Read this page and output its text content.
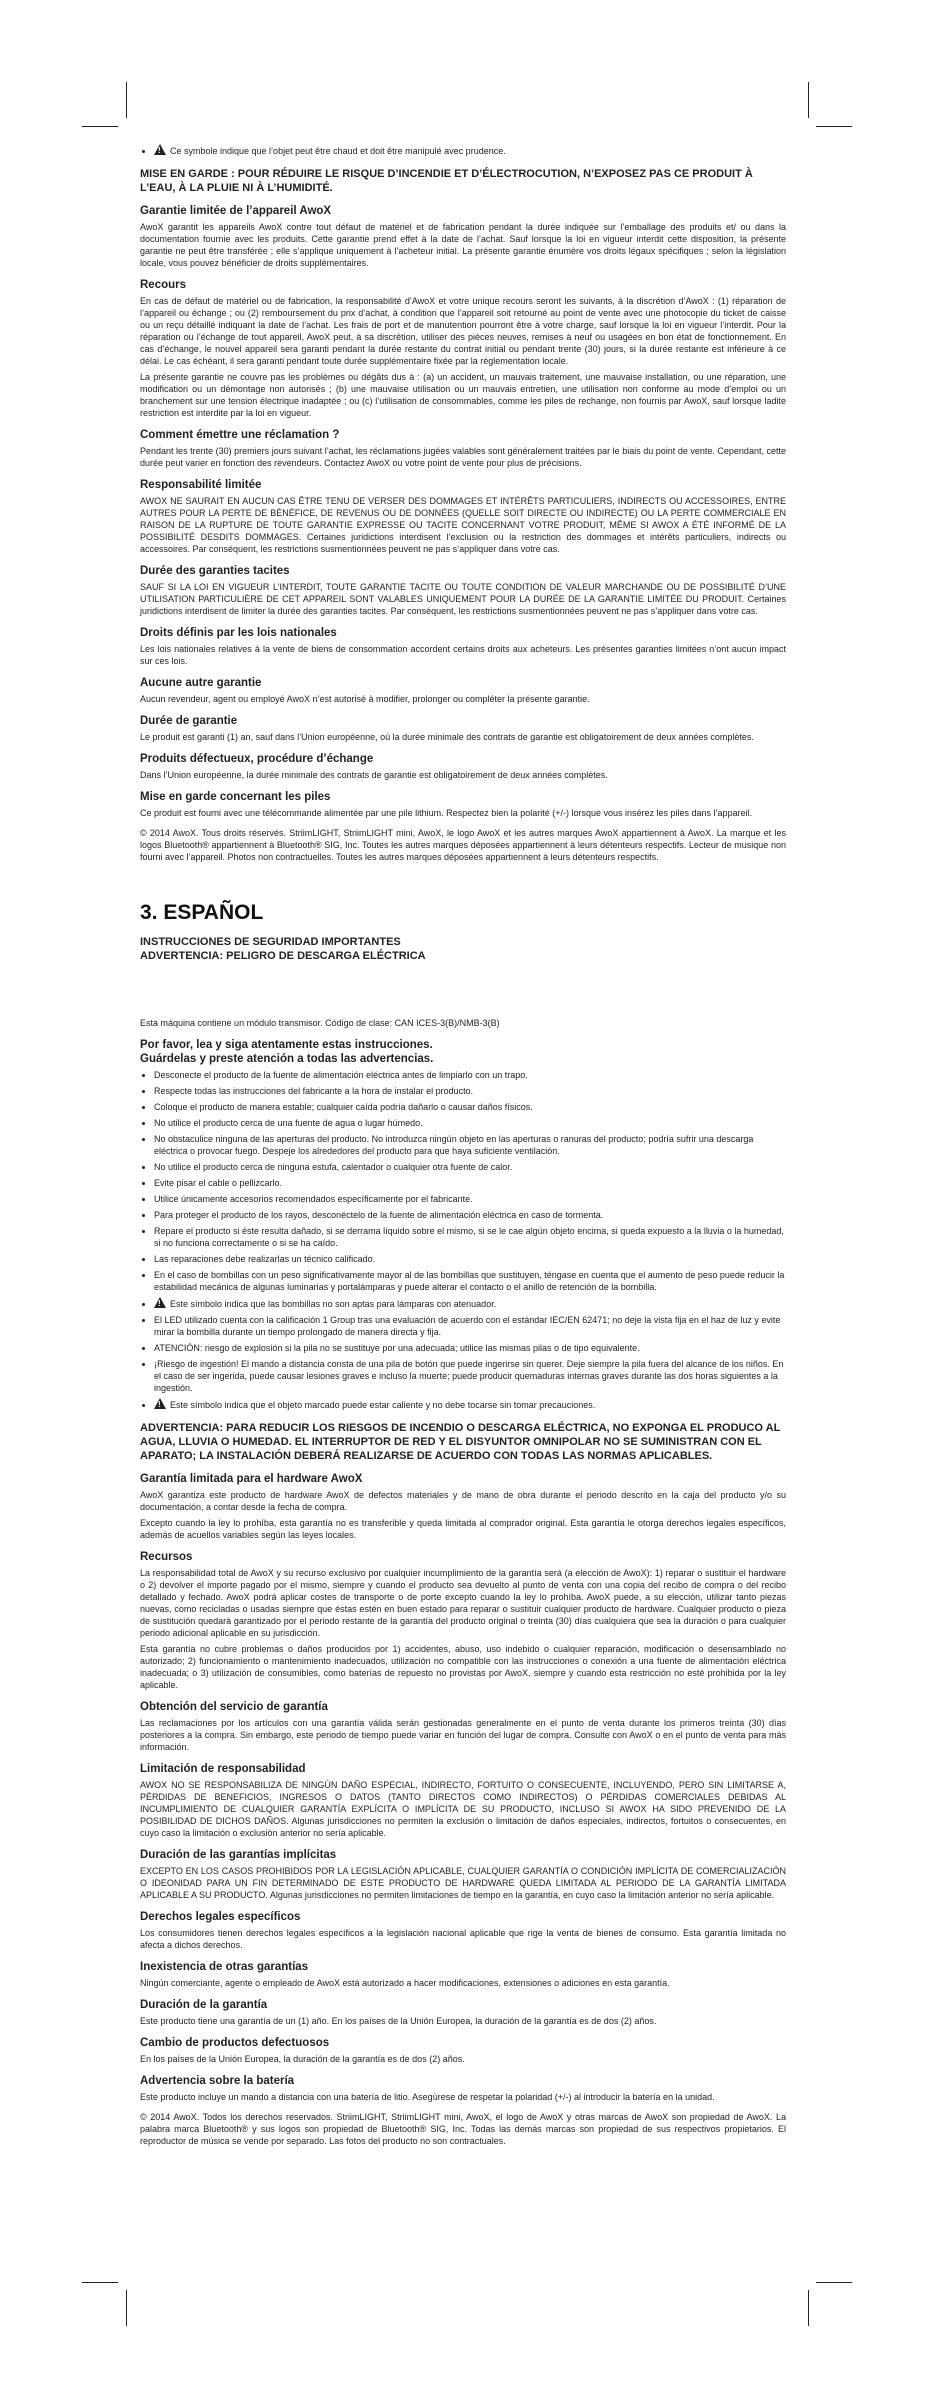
!• Ce symbole indique que l’objet peut être chaud et doit être manipulé avec prudence.
MISE EN GARDE : POUR RÉDUIRE LE RISQUE D’INCENDIE ET D’ÉLECTROCUTION, N’EXPOSEZ PAS CE PRODUIT À L’EAU, À LA PLUIE NI À L’HUMIDITÉ.
Garantie limitée de l’appareil AwoX

AwoX garantit les appareils AwoX contre tout défaut de matériel et de fabrication pendant la durée indiquée sur l’emballage des produits et/ ou dans la documentation fournie avec les produits. Cette garantie prend effet à la date de l’achat. Sauf lorsque la loi en vigueur interdit cette disposition, la présente garantie ne peut être transférée ; elle s’applique uniquement à l’acheteur initial. La présente garantie énumère vos droits légaux spécifiques ; selon la législation locale, vous pouvez bénéficier de droits supplémentaires.

Recours

En cas de défaut de matériel ou de fabrication, la responsabilité d’AwoX et votre unique recours seront les suivants, à la discrétion d’AwoX : (1) réparation de l’appareil ou échange ; ou (2) remboursement du prix d’achat, à condition que l’appareil soit retourné au point de vente avec une photocopie du ticket de caisse ou un reçu détaillé indiquant la date de l’achat. Les frais de port et de manutention pourront être à votre charge, sauf lorsque la loi en vigueur l’interdit. Pour la réparation ou l’échange de tout appareil, AwoX peut, à sa discrétion, utiliser des pièces neuves, remises à neuf ou usagées en bon état de fonctionnement. En cas d’échange, le nouvel appareil sera garanti pendant la durée restante du contrat initial ou pendant trente (30) jours, si la durée restante est inférieure à ce délai. Le cas échéant, il sera garanti pendant toute durée supplémentaire fixée par la réglementation locale.

La présente garantie ne couvre pas les problèmes ou dégâts dus à : (a) un accident, un mauvais traitement, une mauvaise installation, ou une réparation, une modification ou un démontage non autorisés ; (b) une mauvaise utilisation ou un mauvais entretien, une utilisation non conforme au mode d’emploi ou un branchement sur une tension électrique inadaptée ; ou (c) l’utilisation de consommables, comme les piles de rechange, non fournis par AwoX, sauf lorsque ladite restriction est interdite par la loi en vigueur.

Comment émettre une réclamation ?

Pendant les trente (30) premiers jours suivant l’achat, les réclamations jugées valables sont généralement traitées par le biais du point de vente. Cependant, cette durée peut varier en fonction des revendeurs. Contactez AwoX ou votre point de vente pour plus de précisions.

Responsabilité limitée

AWOX NE SAURAIT EN AUCUN CAS ÊTRE TENU DE VERSER DES DOMMAGES ET INTÉRÊTS PARTICULIERS, INDIRECTS OU ACCESSOIRES, ENTRE AUTRES POUR LA PERTE DE BÉNÉFICE, DE REVENUS OU DE DONNÉES (QUELLE SOIT DIRECTE OU INDIRECTE) OU LA PERTE COMMERCIALE EN RAISON DE LA RUPTURE DE TOUTE GARANTIE EXPRESSE OU TACITE CONCERNANT VOTRE PRODUIT, MÊME SI AWOX A ÉTÉ INFORMÉ DE LA POSSIBILITÉ DESDITS DOMMAGES. Certaines juridictions interdisent l’exclusion ou la restriction des dommages et intérêts particuliers, indirects ou accessoires. Par conséquent, les restrictions susmentionnées peuvent ne pas s’appliquer dans votre cas.

Durée des garanties tacites

SAUF SI LA LOI EN VIGUEUR L’INTERDIT, TOUTE GARANTIE TACITE OU TOUTE CONDITION DE VALEUR MARCHANDE OU DE POSSIBILITÉ D’UNE UTILISATION PARTICULIÈRE DE CET APPAREIL SONT VALABLES UNIQUEMENT POUR LA DURÉE DE LA GARANTIE LIMITÉE DU PRODUIT. Certaines juridictions interdisent de limiter la durée des garanties tacites. Par conséquent, les restrictions susmentionnées peuvent ne pas s’appliquer dans votre cas.

Droits définis par les lois nationales

Les lois nationales relatives à la vente de biens de consommation accordent certains droits aux acheteurs. Les présentes garanties limitées n’ont aucun impact sur ces lois.

Aucune autre garantie

Aucun revendeur, agent ou employé AwoX n’est autorisé à modifier, prolonger ou compléter la présente garantie.

Durée de garantie

Le produit est garanti (1) an, sauf dans l’Union européenne, où la durée minimale des contrats de garantie est obligatoirement de deux années complètes.

Produits défectueux, procédure d’échange

Dans l’Union européenne, la durée minimale des contrats de garantie est obligatoirement de deux années complètes.

Mise en garde concernant les piles

Ce produit est fourni avec une télécommande alimentée par une pile lithium. Respectez bien la polarité (+/-) lorsque vous insérez les piles dans l’appareil.

© 2014 AwoX. Tous droits réservés. StriimLIGHT, StriimLIGHT mini, AwoX, le logo AwoX et les autres marques AwoX appartiennent à AwoX. La marque et les logos Bluetooth® appartiennent à Bluetooth® SIG, Inc. Toutes les autres marques déposées appartiennent à leurs détenteurs respectifs. Lecteur de musique non fourni avec l’appareil. Photos non contractuelles. Toutes les autres marques déposées appartiennent à leurs détenteurs respectifs.

3. ESPAÑOL
INSTRUCCIONES DE SEGURIDAD IMPORTANTES
ADVERTENCIA: PELIGRO DE DESCARGA ELÉCTRICA

Esta máquina contiene un módulo transmisor. Código de clase: CAN ICES-3(B)/NMB-3(B)

Por favor, lea y siga atentamente estas instrucciones.
Guárdelas y preste atención a todas las advertencias.
• Desconecte el producto de la fuente de alimentación eléctrica antes de limpiarlo con un trapo.
• Respecte todas las instrucciones del fabricante a la hora de instalar el producto.
• Coloque el producto de manera estable; cualquier caída podría dañarlo o causar daños físicos.
• No utilice el producto cerca de una fuente de agua o lugar húmedo.
• No obstaculice ninguna de las aperturas del producto. No introduzca ningún objeto en las aperturas o ranuras del producto; podría sufrir una descarga eléctrica o provocar fuego. Despeje los alrededores del producto para que haya suficiente ventilación.
• No utilice el producto cerca de ninguna estufa, calentador o cualquier otra fuente de calor.
• Evite pisar el cable o pellizcarlo.
• Utilice únicamente accesorios recomendados específicamente por el fabricante.
• Para proteger el producto de los rayos, desconéctelo de la fuente de alimentación eléctrica en caso de tormenta.
• Repare el producto si éste resulta dañado, si se derrama líquido sobre el mismo, si se le cae algún objeto encima, si queda expuesto a la lluvia o la humedad, si no funciona correctamente o si se ha caído.
• Las reparaciones debe realizarlas un técnico calificado.
• En el caso de bombillas con un peso significativamente mayor al de las bombillas que sustituyen, téngase en cuenta que el aumento de peso puede reducir la estabilidad mecánica de algunas luminarias y portalámparas y puede alterar el contacto o el anillo de retención de la bombilla.
!• Este símbolo indica que las bombillas no son aptas para lámparas con atenuador.
• El LED utilizado cuenta con la calificación 1 Group tras una evaluación de acuerdo con el estándar IEC/EN 62471; no deje la vista fija en el haz de luz y evite mirar la bombilla durante un tiempo prolongado de manera directa y fija.
• ATENCIÓN: riesgo de explosión si la pila no se sustituye por una adecuada; utilice las mismas pilas o de tipo equivalente.
• ¡Riesgo de ingestión! El mando a distancia consta de una pila de botón que puede ingerirse sin querer. Deje siempre la pila fuera del alcance de los niños. En el caso de ser ingerida, puede causar lesiones graves e incluso la muerte; puede producir quemaduras internas graves durante las dos horas siguientes a la ingestión.
!• Este símbolo indica que el objeto marcado puede estar caliente y no debe tocarse sin tomar precauciones.
ADVERTENCIA: PARA REDUCIR LOS RIESGOS DE INCENDIO O DESCARGA ELÉCTRICA, NO EXPONGA EL PRODUCO AL AGUA, LLUVIA O HUMEDAD. EL INTERRUPTOR DE RED Y EL DISYUNTOR OMNIPOLAR NO SE SUMINISTRAN CON EL APARATO; LA INSTALACIÓN DEBERÁ REALIZARSE DE ACUERDO CON TODAS LAS NORMAS APLICABLES.
Garantía limitada para el hardware AwoX

AwoX garantiza este producto de hardware AwoX de defectos materiales y de mano de obra durante el periodo descrito en la caja del producto y/o su documentación, a contar desde la fecha de compra.

Excepto cuando la ley lo prohíba, esta garantía no es transferible y queda limitada al comprador original. Esta garantía le otorga derechos legales específicos, además de acuellos variables según las leyes locales.

Recursos

La responsabilidad total de AwoX y su recurso exclusivo por cualquier incumplimiento de la garantía será (a elección de AwoX): 1) reparar o sustituir el hardware o 2) devolver el importe pagado por el mismo, siempre y cuando el producto sea devuelto al punto de venta con una copia del recibo de compra o del recibo detallado y fechado. AwoX podrá aplicar costes de transporte o de porte excepto cuando la ley lo prohíba. AwoX puede, a su elección, utilizar tanto piezas nuevas, como recicladas o usadas siempre que éstas estén en buen estado para reparar o sustituir cualquier producto de hardware. Cualquier producto o pieza de sustitución quedará garantizado por el periodo restante de la garantía del producto original o treinta (30) días cualquiera que sea la duración o para cualquier periodo adicional aplicable en su jurisdicción.

Esta garantía no cubre problemas o daños producidos por 1) accidentes, abuso, uso indebido o cualquier reparación, modificación o desensamblado no autorizado; 2) funcionamiento o mantenimiento inadecuados, utilización no compatible con las instrucciones o conexión a una fuente de alimentación eléctrica inadecuada; o 3) utilización de consumibles, como baterías de repuesto no provistas por AwoX, siempre y cuando esta restricción no esté prohibida por la ley aplicable.

Obtención del servicio de garantía

Las reclamaciones por los artículos con una garantía válida serán gestionadas generalmente en el punto de venta durante los primeros treinta (30) días posteriores a la compra. Sin embargo, este periodo de tiempo puede variar en función del lugar de compra. Consulte con AwoX o en el punto de venta para más información.

Limitación de responsabilidad

AWOX NO SE RESPONSABILIZA DE NINGÚN DAÑO ESPECIAL, INDIRECTO, FORTUITO O CONSECUENTE, INCLUYENDO, PERO SIN LIMITARSE A, PÉRDIDAS DE BENEFICIOS, INGRESOS O DATOS (TANTO DIRECTOS COMO INDIRECTOS) O PÉRDIDAS COMERCIALES DEBIDAS AL INCUMPLIMIENTO DE CUALQUIER GARANTÍA EXPLÍCITA O IMPLÍCITA DE SU PRODUCTO, INCLUSO SI AWOX HA SIDO PREVENIDO DE LA POSIBILIDAD DE DICHOS DAÑOS. Algunas jurisdicciones no permiten la exclusión o limitación de daños especiales, indirectos, fortuitos o consecuentes, en cuyo caso la limitación o exclusión anterior no sería aplicable.

Duración de las garantías implícitas

EXCEPTO EN LOS CASOS PROHIBIDOS POR LA LEGISLACIÓN APLICABLE, CUALQUIER GARANTÍA O CONDICIÓN IMPLÍCITA DE COMERCIALIZACIÓN O IDEONIDAD PARA UN FIN DETERMINADO DE ESTE PRODUCTO DE HARDWARE QUEDA LIMITADA AL PERIODO DE LA GARANTÍA LIMITADA APLICABLE A SU PRODUCTO. Algunas jurisdicciones no permiten limitaciones de tiempo en la garantía, en cuyo caso la limitación anterior no sería aplicable.

Derechos legales específicos

Los consumidores tienen derechos legales específicos a la legislación nacional aplicable que rige la venta de bienes de consumo. Esta garantía limitada no afecta a dichos derechos.

Inexistencia de otras garantías

Ningún comerciante, agente o empleado de AwoX está autorizado a hacer modificaciones, extensiones o adiciones en esta garantía.

Duración de la garantía

Este producto tiene una garantía de un (1) año. En los países de la Unión Europea, la duración de la garantía es de dos (2) años.

Cambio de productos defectuosos

En los países de la Unión Europea, la duración de la garantía es de dos (2) años.

Advertencia sobre la batería

Este producto incluye un mando a distancia con una batería de litio. Asegúrese de respetar la polaridad (+/-) al introducir la batería en la unidad.

© 2014 AwoX. Todos los derechos reservados. StriimLIGHT, StriimLIGHT mini, AwoX, el logo de AwoX y otras marcas de AwoX son propiedad de AwoX. La palabra marca Bluetooth® y sus logos son propiedad de Bluetooth® SIG, Inc. Todas las demás marcas son propiedad de sus respectivos propietarios. El reproductor de música se vende por separado. Las fotos del producto no son contractuales.
